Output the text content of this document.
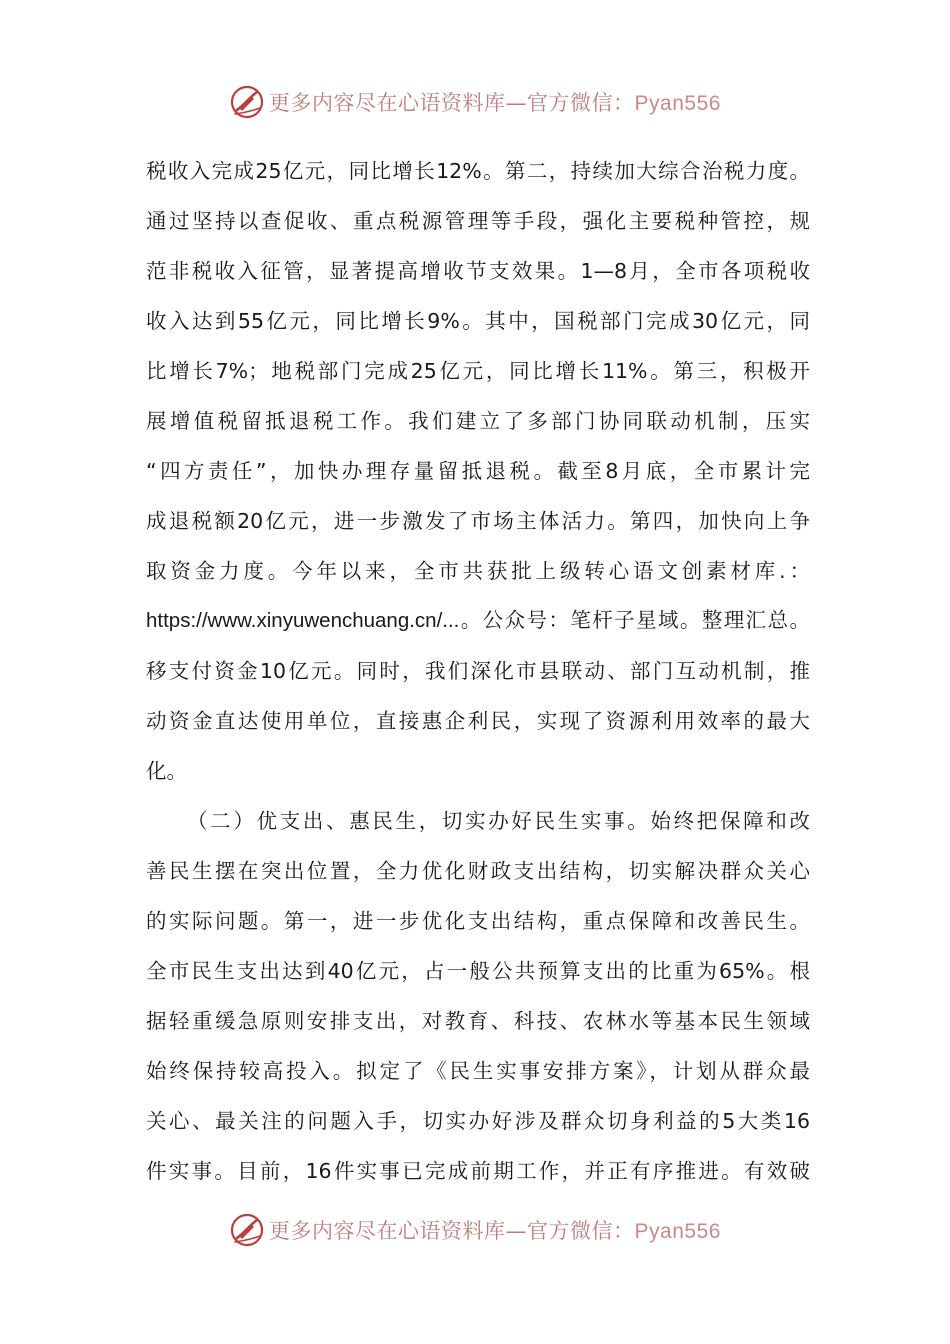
更多内容尽在心语资料库—官方微信：Pyan556
税收入完成25亿元，同比增长12%。第二，持续加大综合治税力度。
通过坚持以查促收、重点税源管理等手段，强化主要税种管控，规
范非税收入征管，显著提高增收节支效果。1—8月，全市各项税收
收入达到55亿元，同比增长9%。其中，国税部门完成30亿元，同
比增长7%；地税部门完成25亿元，同比增长11%。第三，积极开
展增值税留抵退税工作。我们建立了多部门协同联动机制，压实
“四方责任”，加快办理存量留抵退税。截至8月底，全市累计完
成退税额20亿元，进一步激发了市场主体活力。第四，加快向上争
取资金力度。今年以来，全市共获批上级转心语文创素材库.：
https://www.xinyuwenchuang.cn/...。公众号：笔杆子星域。整理汇总。
移支付资金10亿元。同时，我们深化市县联动、部门互动机制，推
动资金直达使用单位，直接惠企利民，实现了资源利用效率的最大
化。
（二）优支出、惠民生，切实办好民生实事。始终把保障和改
善民生摆在突出位置，全力优化财政支出结构，切实解决群众关心
的实际问题。第一，进一步优化支出结构，重点保障和改善民生。
全市民生支出达到40亿元，占一般公共预算支出的比重为65%。根
据轻重缓急原则安排支出，对教育、科技、农林水等基本民生领域
始终保持较高投入。拟定了《民生实事安排方案》，计划从群众最
关心、最关注的问题入手，切实办好涉及群众切身利益的5大类16
件实事。目前，16件实事已完成前期工作，并正有序推进。有效破
更多内容尽在心语资料库—官方微信：Pyan556
